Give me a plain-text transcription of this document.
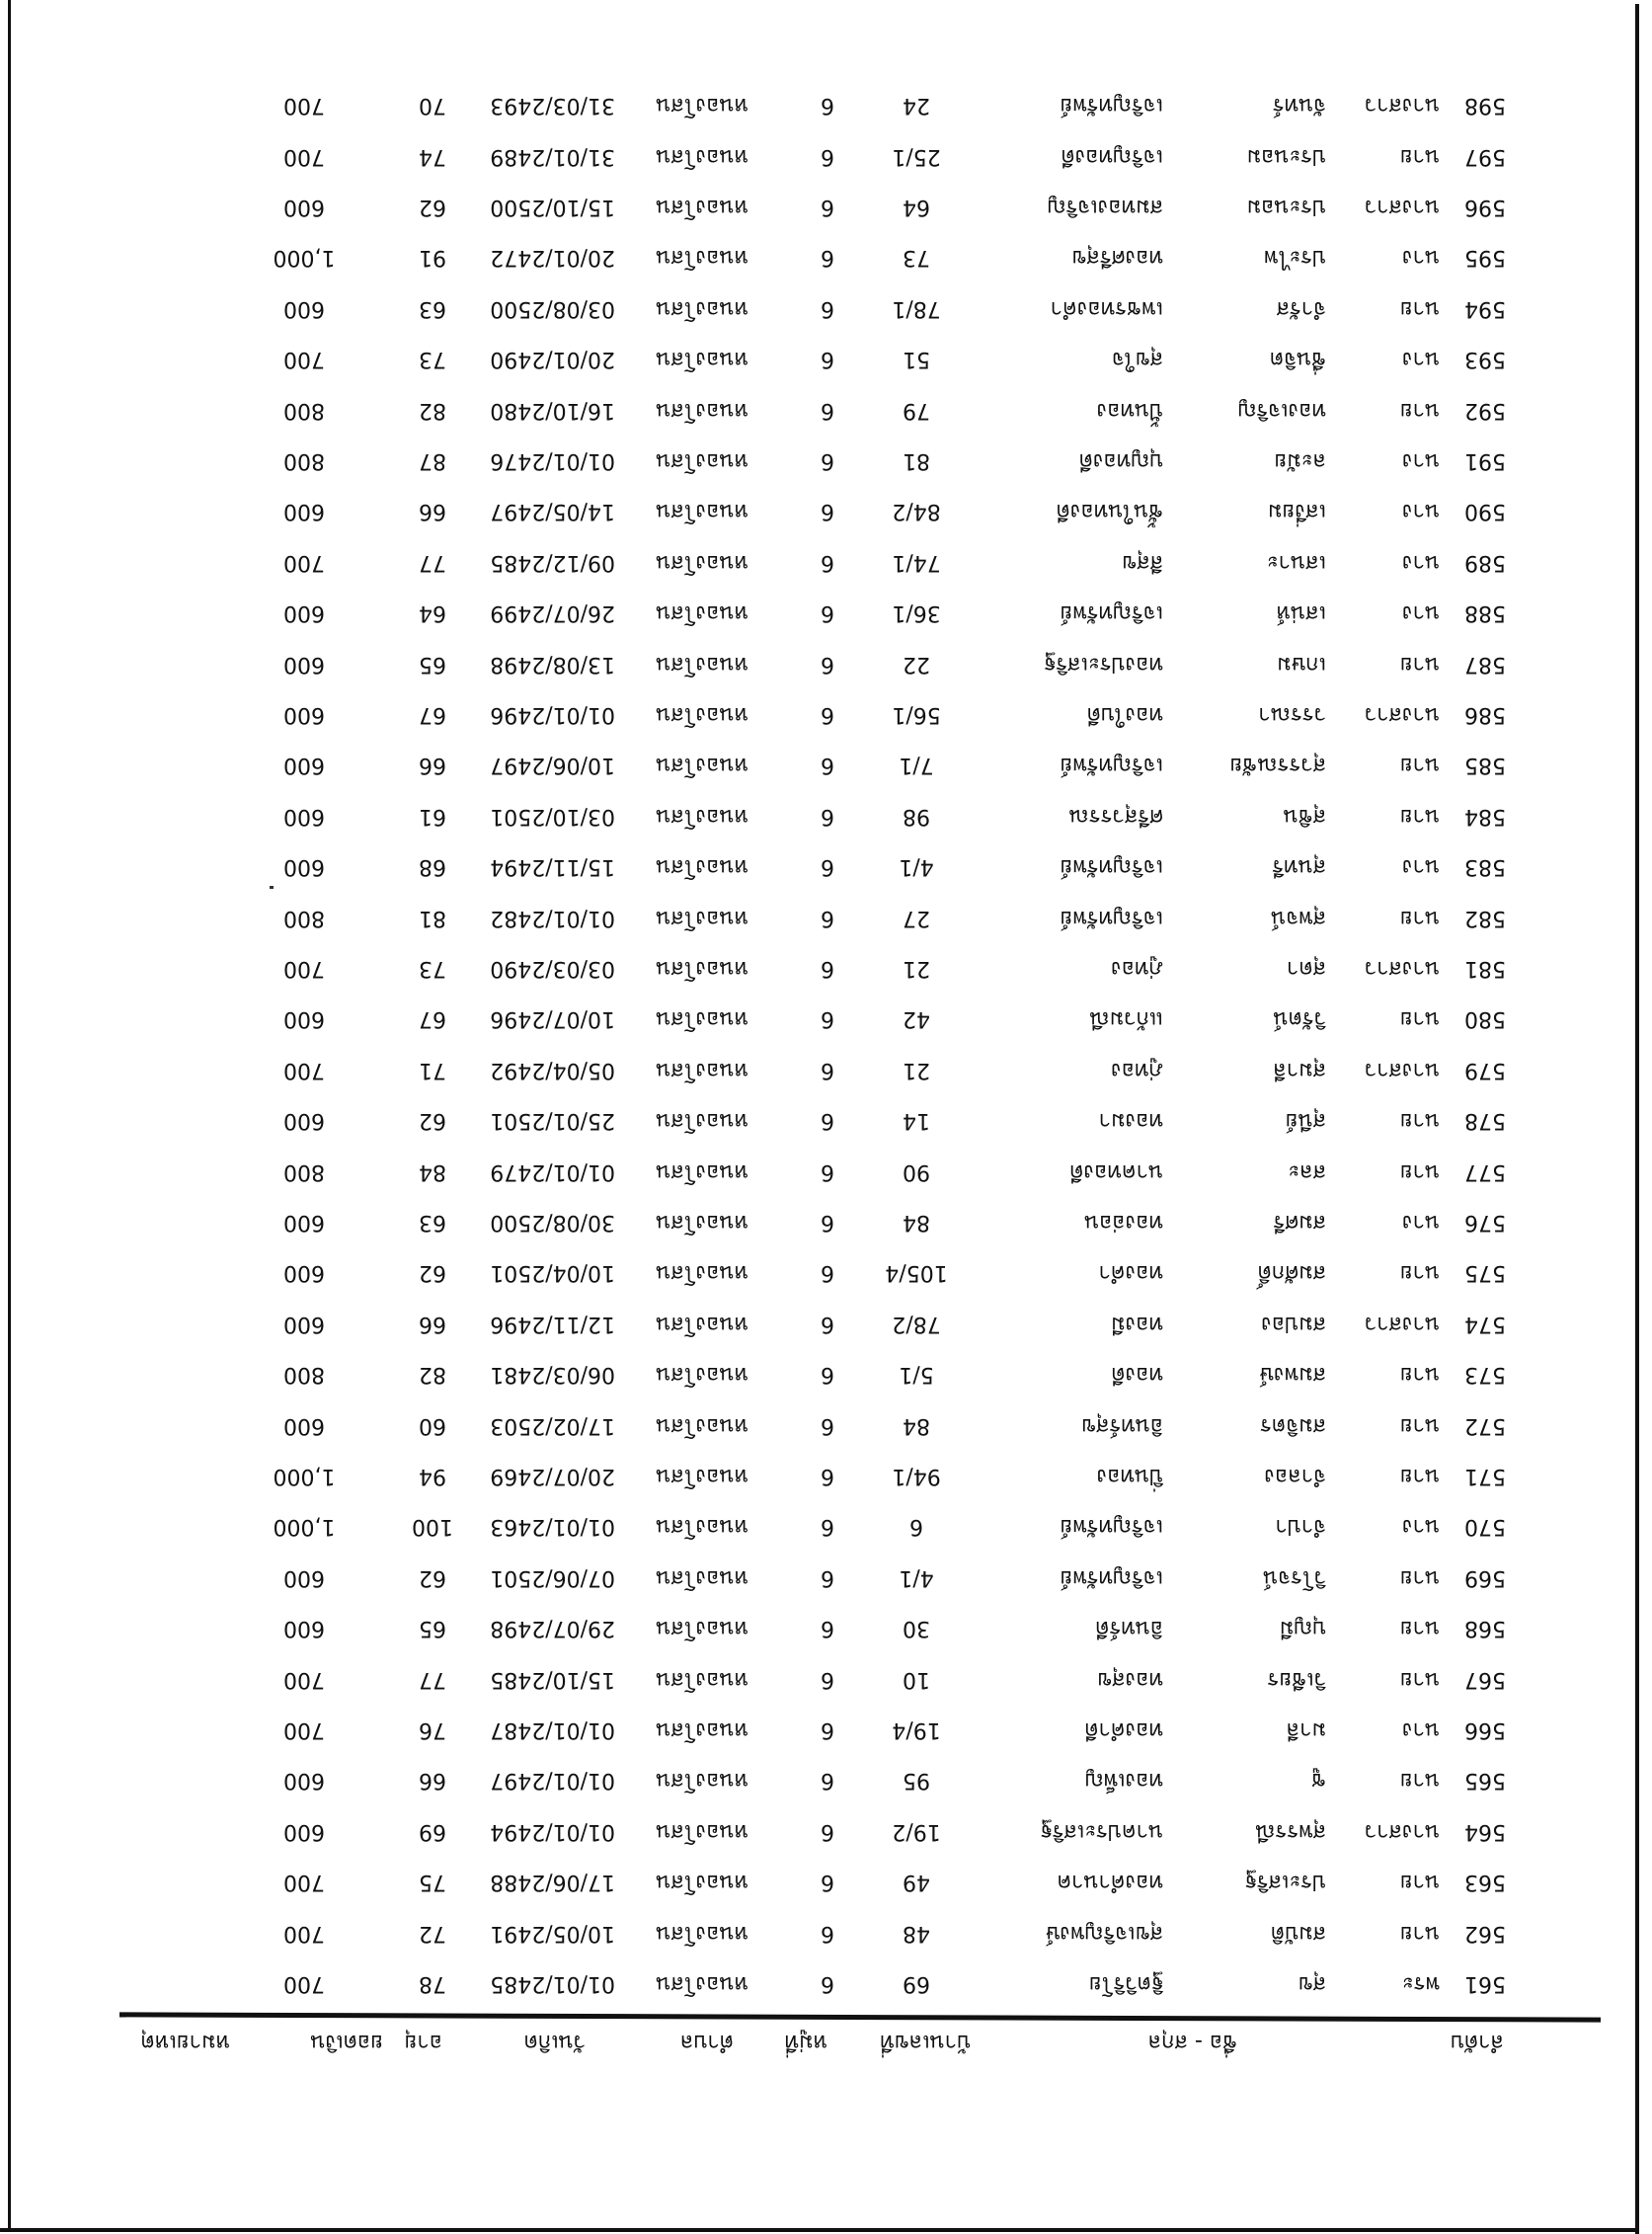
ลำดับ
ชื่อ - สกุล
บ้านเลขที่
หมู่ที่
ตำบล
วันเกิด
อายุ
ยอดเงิน
หมายเหตุ
561
พระ
สุข
ฐิตวิริโย
69
6
หนองโสน
01/01/2485
78
700
562
นาย
สมบัติ
สุขเจริญพงษ์
48
6
หนองโสน
10/05/2491
72
700
563
นาย
ประเสริฐ
ทองคำนาค
49
6
หนองโสน
17/06/2488
75
700
564
นางสาว
สุพรรณี
นาคประเสริฐ
19/2
6
หนองโสน
01/01/2494
69
600
565
นาย
ชู
ทองเพ็ญ
95
6
หนองโสน
01/01/2497
66
600
566
นาง
มาลี
ทองคำดี
19/4
6
หนองโสน
01/01/2487
76
700
567
นาย
วิเชียร
ทองสุข
10
6
หนองโสน
15/10/2485
77
700
568
นาย
บุญมี
อินทร์ดี
30
6
หนองโสน
29/07/2498
65
600
569
นาย
วิโรจน์
เจริญทรัพย์
4/1
6
หนองโสน
07/06/2501
62
600
570
นาง
จำปา
เจริญทรัพย์
6
6
หนองโสน
01/01/2463
100
1,000
571
นาย
จำลอง
ปิ่นทอง
94/1
6
หนองโสน
20/07/2469
94
1,000
572
นาย
สมจิตร
อินทร์สุข
84
6
หนองโสน
17/02/2503
60
600
573
นาย
สมพงษ์
ทองดี
5/1
6
หนองโสน
06/03/2481
82
800
574
นางสาว
สมปอง
ทองมี
78/2
6
หนองโสน
12/11/2496
66
600
575
นาย
สมศักดิ์
ทองคำ
105/4
6
หนองโสน
10/04/2501
62
600
576
นาง
สมศรี
ทองอ่อน
84
6
หนองโสน
30/08/2500
63
600
577
นาย
สละ
นาคทองดี
90
6
หนองโสน
01/01/2479
84
800
578
นาย
สุนีย์
ทองมา
14
6
หนองโสน
25/01/2501
62
600
579
นางสาว
สุมาลี
ภู่ทอง
21
6
หนองโสน
05/04/2492
71
700
580
นาย
วิรัตน์
แก้วมณี
42
6
หนองโสน
10/07/2496
67
600
581
นางสาว
สุดา
ภู่ทอง
21
6
หนองโสน
03/03/2490
73
700
582
นาย
สุพจน์
เจริญทรัพย์
27
6
หนองโสน
01/01/2482
81
800
583
นาง
สุนทรี
เจริญทรัพย์
4/1
6
หนองโสน
15/11/2494
68
600
584
นาย
สุชิน
ศรีสุวรรณ
98
6
หนองโสน
03/10/2501
61
600
585
นาย
สุวรรณชัย
เจริญทรัพย์
7/1
6
หนองโสน
10/06/2497
66
600
586
นางสาว
วรรณา
ทองใบดี
56/1
6
หนองโสน
01/01/2496
67
600
587
นาย
เกษม
ทองประเสริฐ
22
6
หนองโสน
13/08/2498
65
600
588
นาง
เสน่ห์
เจริญทรัพย์
36/1
6
หนองโสน
26/07/2499
64
600
589
นาง
เสนาะ
สีสุข
74/1
6
หนองโสน
09/12/2485
77
700
590
นาง
เสงี่ยม
ชั้นในทองดี
84/2
6
หนองโสน
14/05/2497
66
600
591
นาง
ละมัย
บุญทองดี
81
6
หนองโสน
01/01/2476
87
800
592
นาย
ทองเจริญ
ปั้นทอง
79
6
หนองโสน
16/10/2480
82
800
593
นาง
ชื่นจิต
สุขใจ
51
6
หนองโสน
20/01/2490
73
700
594
นาย
จำรัส
เพชรทองคำ
78/1
6
หนองโสน
03/08/2500
63
600
595
นาง
ประไพ
ทองศรีสุข
73
6
หนองโสน
20/01/2472
91
1,000
596
นางสาว
ประนอม
สมทองเจริญ
64
6
หนองโสน
15/10/2500
62
600
597
นาย
ประนอม
เจริญทองดี
25/1
6
หนองโสน
31/01/2489
74
700
598
นางสาว
จันทร์
เจริญทรัพย์
24
6
หนองโสน
31/03/2493
70
700
